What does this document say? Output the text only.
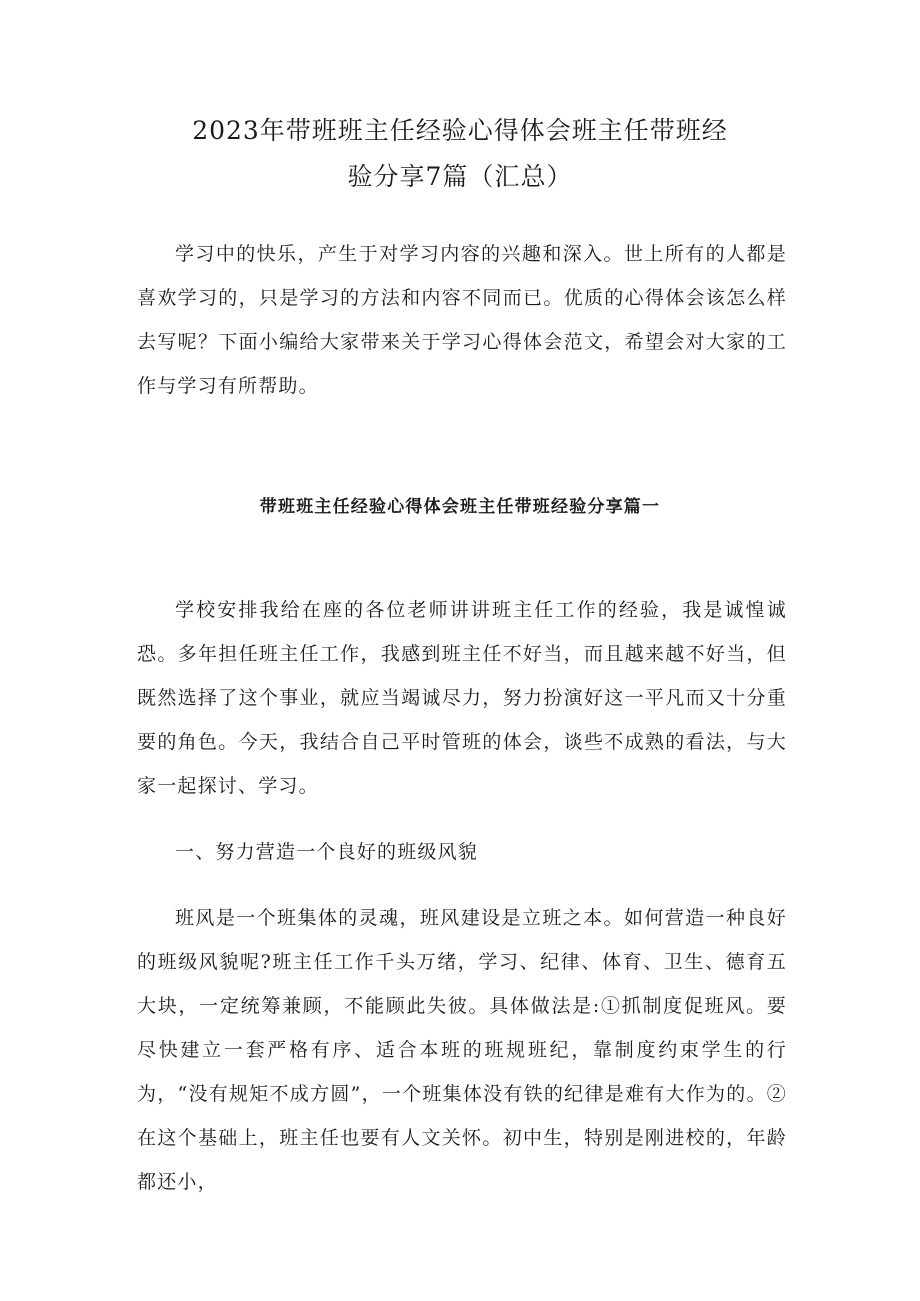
2023年带班班主任经验心得体会班主任带班经
验分享7篇（汇总）

学习中的快乐，产生于对学习内容的兴趣和深入。世上所有的人都是喜欢学习的，只是学习的方法和内容不同而已。优质的心得体会该怎么样去写呢？下面小编给大家带来关于学习心得体会范文，希望会对大家的工作与学习有所帮助。

带班班主任经验心得体会班主任带班经验分享篇一

学校安排我给在座的各位老师讲讲班主任工作的经验，我是诚惶诚恐。多年担任班主任工作，我感到班主任不好当，而且越来越不好当，但既然选择了这个事业，就应当竭诚尽力，努力扮演好这一平凡而又十分重要的角色。今天，我结合自己平时管班的体会，谈些不成熟的看法，与大家一起探讨、学习。

一、努力营造一个良好的班级风貌

班风是一个班集体的灵魂，班风建设是立班之本。如何营造一种良好的班级风貌呢?班主任工作千头万绪，学习、纪律、体育、卫生、德育五大块，一定统筹兼顾，不能顾此失彼。具体做法是:①抓制度促班风。要尽快建立一套严格有序、适合本班的班规班纪，靠制度约束学生的行为，“没有规矩不成方圆”，一个班集体没有铁的纪律是难有大作为的。②在这个基础上，班主任也要有人文关怀。初中生，特别是刚进校的，年龄都还小，
